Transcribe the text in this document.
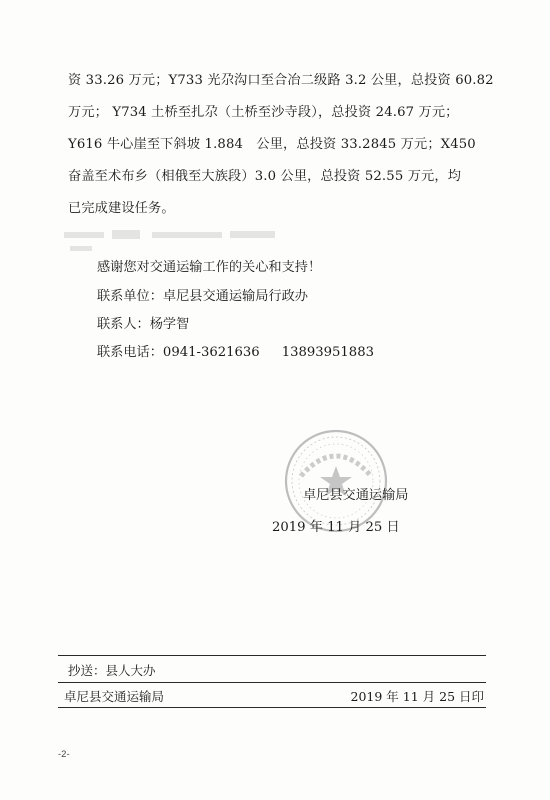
资 33.26 万元；Y733 光尕沟口至合冶二级路 3.2 公里，总投资 60.82
万元； Y734 土桥至扎尕（土桥至沙寺段），总投资 24.67 万元；
Y616 牛心崖至下斜坡 1.884　公里，总投资 33.2845 万元；X450
奋盖至术布乡（相俄至大族段）3.0 公里，总投资 52.55 万元，均
已完成建设任务。
感谢您对交通运输工作的关心和支持！
联系单位：卓尼县交通运输局行政办
联系人：杨学智
联系电话：0941-3621636 13893951883
卓尼县交通运输局
2019 年 11 月 25 日
抄送：县人大办
卓尼县交通运输局	2019 年 11 月 25 日印
-2-
